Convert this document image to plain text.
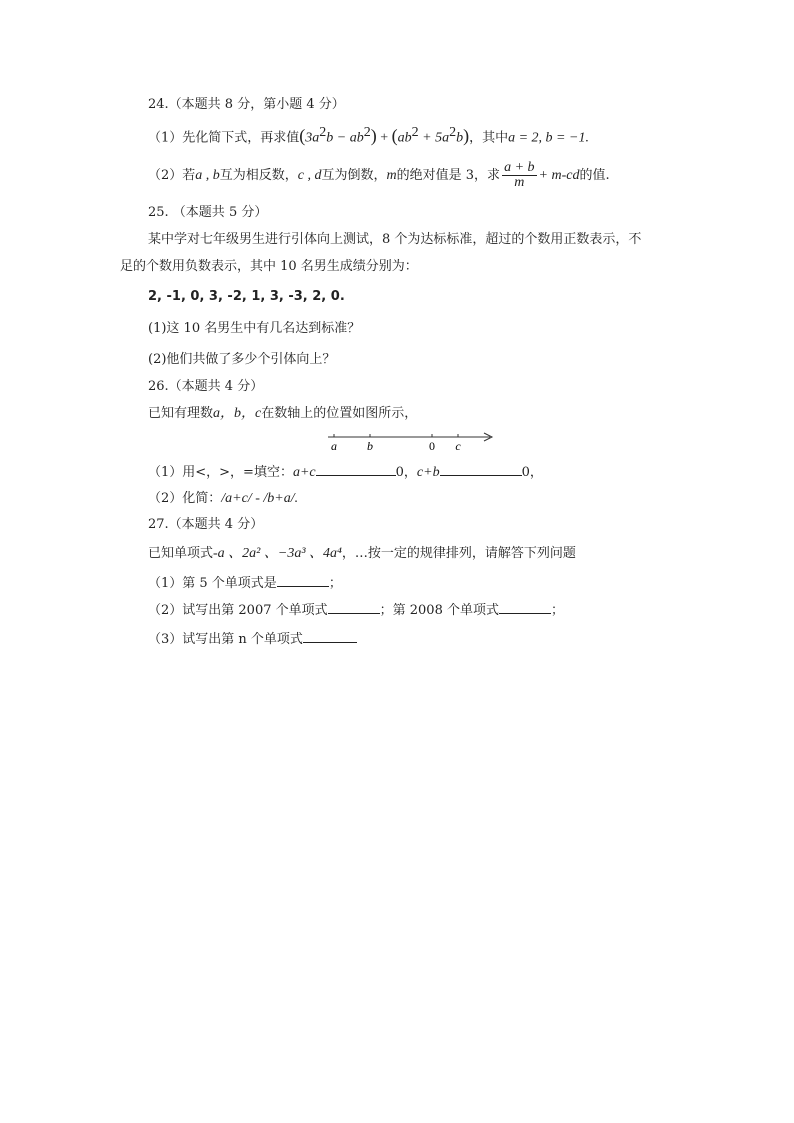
24.（本题共 8 分，第小题 4 分）
（1）先化简下式，再求值$(3a^2b - ab^2) + (ab^2 + 5a^2b)$，其中a = 2, b = −1.
（2）若a , b互为相反数，c , d互为倒数，m的绝对值是 3，求 $\frac{a + b}{m} + m-cd$的值.
25. （本题共 5 分）
某中学对七年级男生进行引体向上测试，8 个为达标标准，超过的个数用正数表示，不
足的个数用负数表示，其中 10 名男生成绩分别为：
2, -1, 0, 3, -2, 1, 3, -3, 2, 0.
(1)这 10 名男生中有几名达到标准？
(2)他们共做了多少个引体向上？
26.（本题共 4 分）
已知有理数a，b，c在数轴上的位置如图所示，
a	b	0 c
（1）用<，>，=填空：a+c	0，c+b	0，
（2）化简：/a+c/ - /b+a/.
27.（本题共 4 分）
已知单项式-a 、2a² 、−3a³ 、4a⁴，…按一定的规律排列，请解答下列问题
（1）第 5 个单项式是	；
（2）试写出第 2007 个单项式	；第 2008 个单项式	；
（3）试写出第 n 个单项式
